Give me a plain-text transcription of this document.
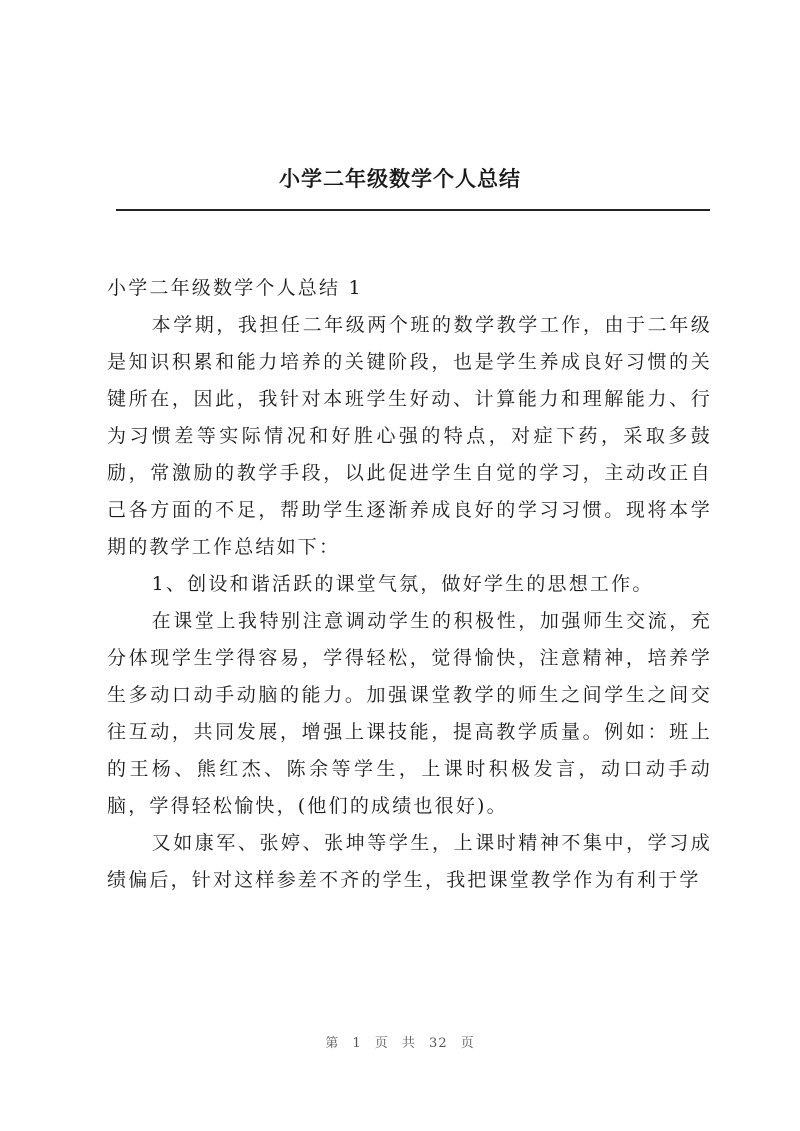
小学二年级数学个人总结

小学二年级数学个人总结 1

本学期，我担任二年级两个班的数学教学工作，由于二年级是知识积累和能力培养的关键阶段，也是学生养成良好习惯的关键所在，因此，我针对本班学生好动、计算能力和理解能力、行为习惯差等实际情况和好胜心强的特点，对症下药，采取多鼓励，常激励的教学手段，以此促进学生自觉的学习，主动改正自己各方面的不足，帮助学生逐渐养成良好的学习习惯。现将本学期的教学工作总结如下：

1、创设和谐活跃的课堂气氛，做好学生的思想工作。

在课堂上我特别注意调动学生的积极性，加强师生交流，充分体现学生学得容易，学得轻松，觉得愉快，注意精神，培养学生多动口动手动脑的能力。加强课堂教学的师生之间学生之间交往互动，共同发展，增强上课技能，提高教学质量。例如：班上的王杨、熊红杰、陈余等学生，上课时积极发言，动口动手动脑，学得轻松愉快，(他们的成绩也很好)。

又如康军、张婷、张坤等学生，上课时精神不集中，学习成绩偏后，针对这样参差不齐的学生，我把课堂教学作为有利于学

第 1 页 共 32 页
